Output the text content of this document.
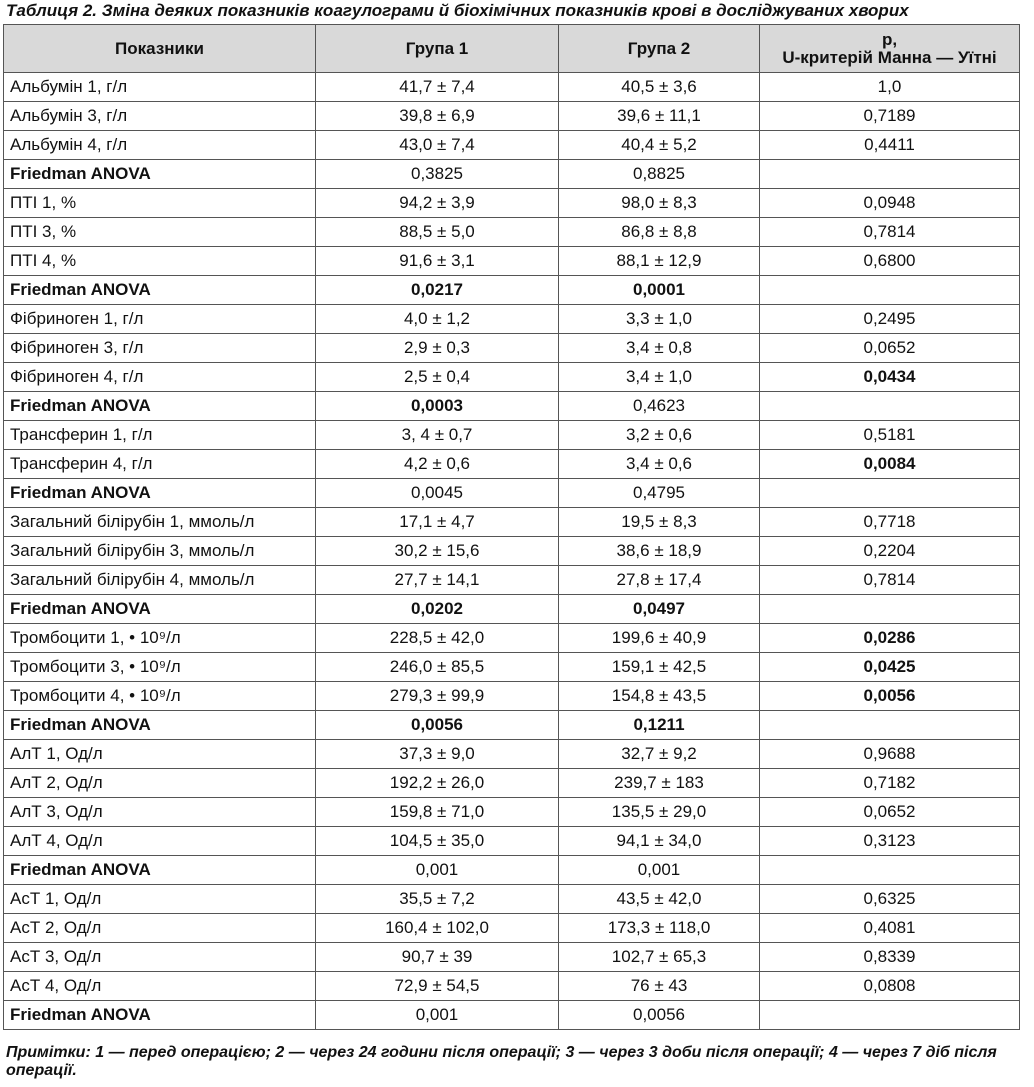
Таблиця 2. Зміна деяких показників коагулограми й біохімічних показників крові в досліджуваних хворих
Показники	Група 1	Група 2	p,
U-критерій Манна — Уїтні

Альбумін 1, г/л	41,7 ± 7,4	40,5 ± 3,6	1,0
Альбумін 3, г/л	39,8 ± 6,9	39,6 ± 11,1	0,7189
Альбумін 4, г/л	43,0 ± 7,4	40,4 ± 5,2	0,4411
Friedman ANOVA	0,3825	0,8825	
ПТІ 1, %	94,2 ± 3,9	98,0 ± 8,3	0,0948
ПТІ 3, %	88,5 ± 5,0	86,8 ± 8,8	0,7814
ПТІ 4, %	91,6 ± 3,1	88,1 ± 12,9	0,6800
Friedman ANOVA	0,0217	0,0001	
Фібриноген 1, г/л	4,0 ± 1,2	3,3 ± 1,0	0,2495
Фібриноген 3, г/л	2,9 ± 0,3	3,4 ± 0,8	0,0652
Фібриноген 4, г/л	2,5 ± 0,4	3,4 ± 1,0	0,0434
Friedman ANOVA	0,0003	0,4623	
Трансферин 1, г/л	3, 4 ± 0,7	3,2 ± 0,6	0,5181
Трансферин 4, г/л	4,2 ± 0,6	3,4 ± 0,6	0,0084
Friedman ANOVA	0,0045	0,4795	
Загальний білірубін 1, ммоль/л	17,1 ± 4,7	19,5 ± 8,3	0,7718
Загальний білірубін 3, ммоль/л	30,2 ± 15,6	38,6 ± 18,9	0,2204
Загальний білірубін 4, ммоль/л	27,7 ± 14,1	27,8 ± 17,4	0,7814
Friedman ANOVA	0,0202	0,0497	
Тромбоцити 1, • 10⁹/л	228,5 ± 42,0	199,6 ± 40,9	0,0286
Тромбоцити 3, • 10⁹/л	246,0 ± 85,5	159,1 ± 42,5	0,0425
Тромбоцити 4, • 10⁹/л	279,3 ± 99,9	154,8 ± 43,5	0,0056
Friedman ANOVA	0,0056	0,1211	
АлТ 1, Од/л	37,3 ± 9,0	32,7 ± 9,2	0,9688
АлТ 2, Од/л	192,2 ± 26,0	239,7 ± 183	0,7182
АлТ 3, Од/л	159,8 ± 71,0	135,5 ± 29,0	0,0652
АлТ 4, Од/л	104,5 ± 35,0	94,1 ± 34,0	0,3123
Friedman ANOVA	0,001	0,001	
АсТ 1, Од/л	35,5 ± 7,2	43,5 ± 42,0	0,6325
АсТ 2, Од/л	160,4 ± 102,0	173,3 ± 118,0	0,4081
АсТ 3, Од/л	90,7 ± 39	102,7 ± 65,3	0,8339
АсТ 4, Од/л	72,9 ± 54,5	76 ± 43	0,0808
Friedman ANOVA	0,001	0,0056	
Примітки: 1 — перед операцією; 2 — через 24 години після операції; 3 — через 3 доби після операції; 4 — через 7 діб після операції.
